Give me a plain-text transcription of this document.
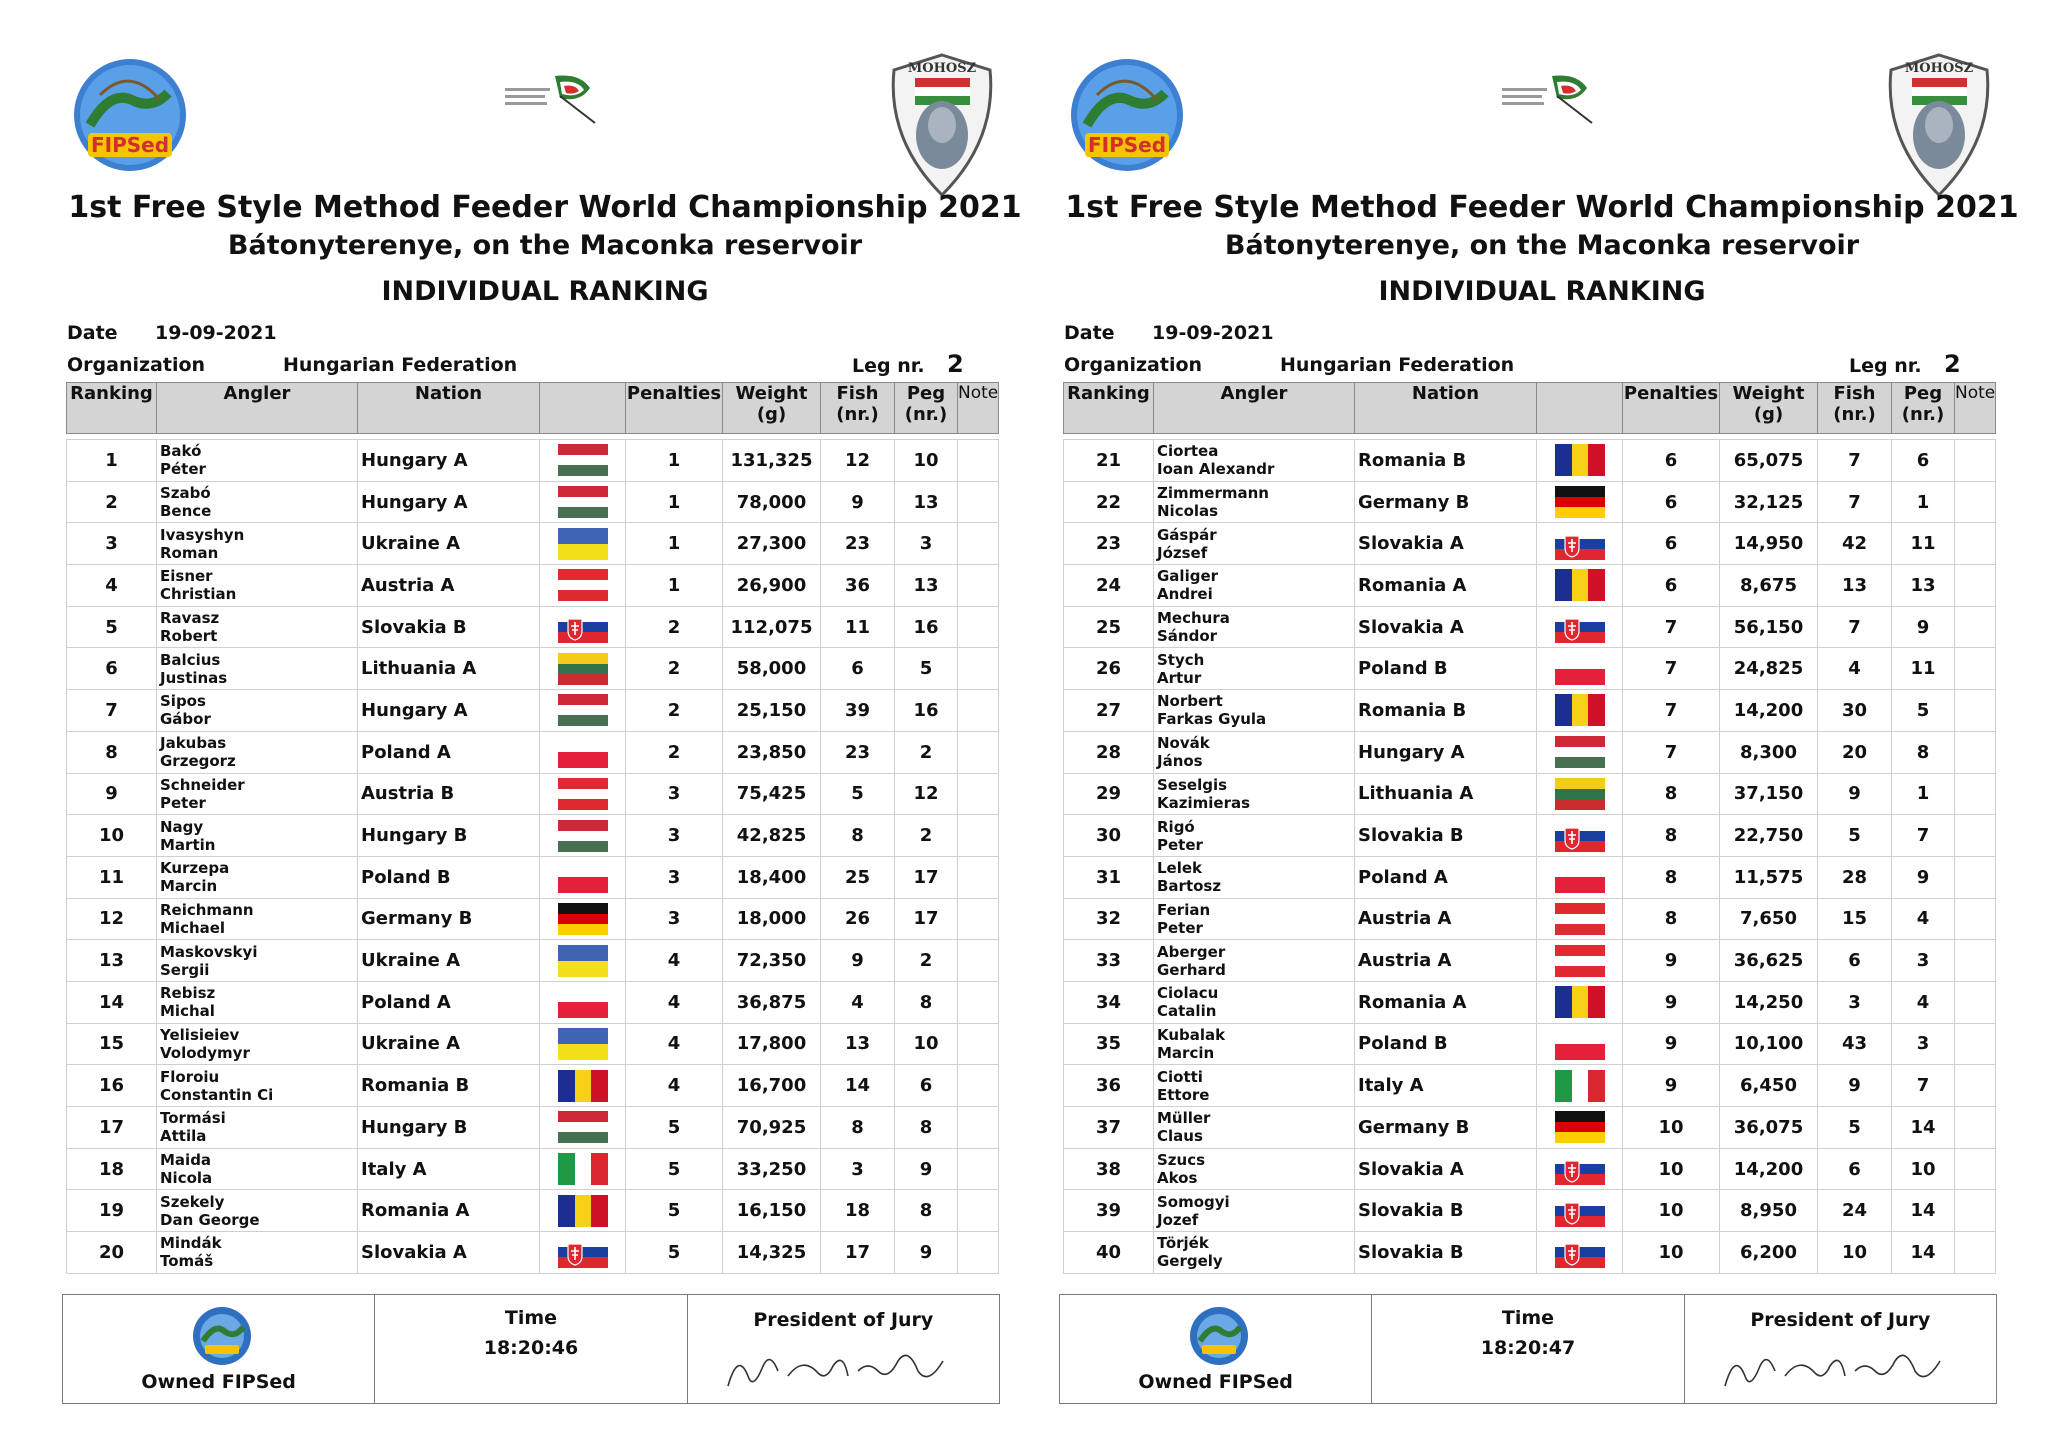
FIPSed
MOHOSZ
1st Free Style Method Feeder World Championship 2021
Bátonyterenye, on the Maconka reservoir
INDIVIDUAL RANKING
Date 19-09-2021
Organization	Hungarian Federation	Leg nr. 2
Ranking	Angler	Nation		Penalties	Weight
(g)	Fish
(nr.)	Peg
(nr.)	Note

1	Bakó
Péter	Hungary A		1	131,325	12	10	
2	Szabó
Bence	Hungary A		1	78,000	9	13	
3	Ivasyshyn
Roman	Ukraine A		1	27,300	23	3	
4	Eisner
Christian	Austria A		1	26,900	36	13	
5	Ravasz
Robert	Slovakia B		2	112,075	11	16	
6	Balcius
Justinas	Lithuania A		2	58,000	6	5	
7	Sipos
Gábor	Hungary A		2	25,150	39	16	
8	Jakubas
Grzegorz	Poland A		2	23,850	23	2	
9	Schneider
Peter	Austria B		3	75,425	5	12	
10	Nagy
Martin	Hungary B		3	42,825	8	2	
11	Kurzepa
Marcin	Poland B		3	18,400	25	17	
12	Reichmann
Michael	Germany B		3	18,000	26	17	
13	Maskovskyi
Sergii	Ukraine A		4	72,350	9	2	
14	Rebisz
Michal	Poland A		4	36,875	4	8	
15	Yelisieiev
Volodymyr	Ukraine A		4	17,800	13	10	
16	Floroiu
Constantin Ci	Romania B		4	16,700	14	6	
17	Tormási
Attila	Hungary B		5	70,925	8	8	
18	Maida
Nicola	Italy A		5	33,250	3	9	
19	Szekely
Dan George	Romania A		5	16,150	18	8	
20	Mindák
Tomáš	Slovakia A		5	14,325	17	9	
Owned FIPSed
Time
18:20:46
President of Jury
FIPSed
MOHOSZ
1st Free Style Method Feeder World Championship 2021
Bátonyterenye, on the Maconka reservoir
INDIVIDUAL RANKING
Date 19-09-2021
Organization	Hungarian Federation	Leg nr. 2
Ranking	Angler	Nation		Penalties	Weight
(g)	Fish
(nr.)	Peg
(nr.)	Note

21	Ciortea
Ioan Alexandr	Romania B		6	65,075	7	6	
22	Zimmermann
Nicolas	Germany B		6	32,125	7	1	
23	Gáspár
József	Slovakia A		6	14,950	42	11	
24	Galiger
Andrei	Romania A		6	8,675	13	13	
25	Mechura
Sándor	Slovakia A		7	56,150	7	9	
26	Stych
Artur	Poland B		7	24,825	4	11	
27	Norbert
Farkas Gyula	Romania B		7	14,200	30	5	
28	Novák
János	Hungary A		7	8,300	20	8	
29	Seselgis
Kazimieras	Lithuania A		8	37,150	9	1	
30	Rigó
Peter	Slovakia B		8	22,750	5	7	
31	Lelek
Bartosz	Poland A		8	11,575	28	9	
32	Ferian
Peter	Austria A		8	7,650	15	4	
33	Aberger
Gerhard	Austria A		9	36,625	6	3	
34	Ciolacu
Catalin	Romania A		9	14,250	3	4	
35	Kubalak
Marcin	Poland B		9	10,100	43	3	
36	Ciotti
Ettore	Italy A		9	6,450	9	7	
37	Müller
Claus	Germany B		10	36,075	5	14	
38	Szucs
Akos	Slovakia A		10	14,200	6	10	
39	Somogyi
Jozef	Slovakia B		10	8,950	24	14	
40	Törjék
Gergely	Slovakia B		10	6,200	10	14	
Owned FIPSed
Time
18:20:47
President of Jury
